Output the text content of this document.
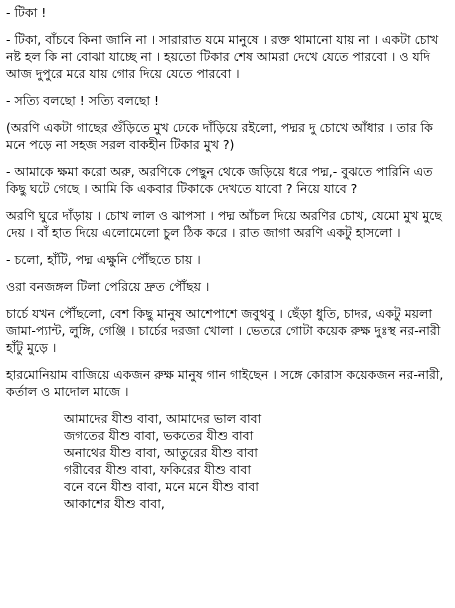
- টিকা !

- টিকা, বাঁচবে কিনা জানি না । সারারাত যমে মানুষে । রক্ত থামানো যায় না । একটা চোখ নষ্ট হল কি না বোঝা যাচ্ছে না । হয়তো টিকার শেষ আমরা দেখে যেতে পারবো । ও যদি আজ দুপুরে মরে যায় গোর দিয়ে যেতে পারবো ।

- সত্যি বলছো ! সত্যি বলছো !

(অরণি একটা গাছের গুঁড়িতে মুখ ঢেকে দাঁড়িয়ে রইলো, পদ্মর দু চোখে আঁধার । তার কি মনে পড়ে না সহজ সরল বাকহীন টিকার মুখ ?)

- আমাকে ক্ষমা করো অরু, অরণিকে পেছুন থেকে জড়িয়ে ধরে পদ্ম,- বুঝতে পারিনি এত কিছু ঘটে গেছে । আমি কি একবার টিকাকে দেখতে যাবো ? নিয়ে যাবে ?

অরণি ঘুরে দাঁড়ায় । চোখ লাল ও ঝাপসা । পদ্ম আঁচল দিয়ে অরণির চোখ, যেমো মুখ মুছে দেয় । বাঁ হাত দিয়ে এলোমেলো চুল ঠিক করে । রাত জাগা অরণি একটু হাসলো ।

- চলো, হাঁটি, পদ্ম এক্ষুনি পৌঁছতে চায় ।

ওরা বনজঙ্গল টিলা পেরিয়ে দ্রুত পৌঁছয় ।

চার্চে যখন পৌঁছলো, বেশ কিছু মানুষ আশেপাশে জবুথবু । ছেঁড়া ধুতি, চাদর, একটু ময়লা জামা-প্যান্ট, লুঙ্গি, গেঞ্জি । চার্চের দরজা খোলা । ভেতরে গোটা কয়েক রুক্ষ দুঃস্থ নর-নারী হাঁটু মুড়ে ।

হারমোনিয়াম বাজিয়ে একজন রুক্ষ মানুষ গান গাইছেন । সঙ্গে কোরাস কয়েকজন নর-নারী, কর্তাল ও মাদোল মাজে ।

আমাদের যীশু বাবা, আমাদের ভাল বাবা
জগতের যীশু বাবা, ভকতের যীশু বাবা
অনাথের যীশু বাবা, আতুরের যীশু বাবা
গরীবের যীশু বাবা, ফকিরের যীশু বাবা
বনে বনে যীশু বাবা, মনে মনে যীশু বাবা
আকাশের যীশু বাবা,
